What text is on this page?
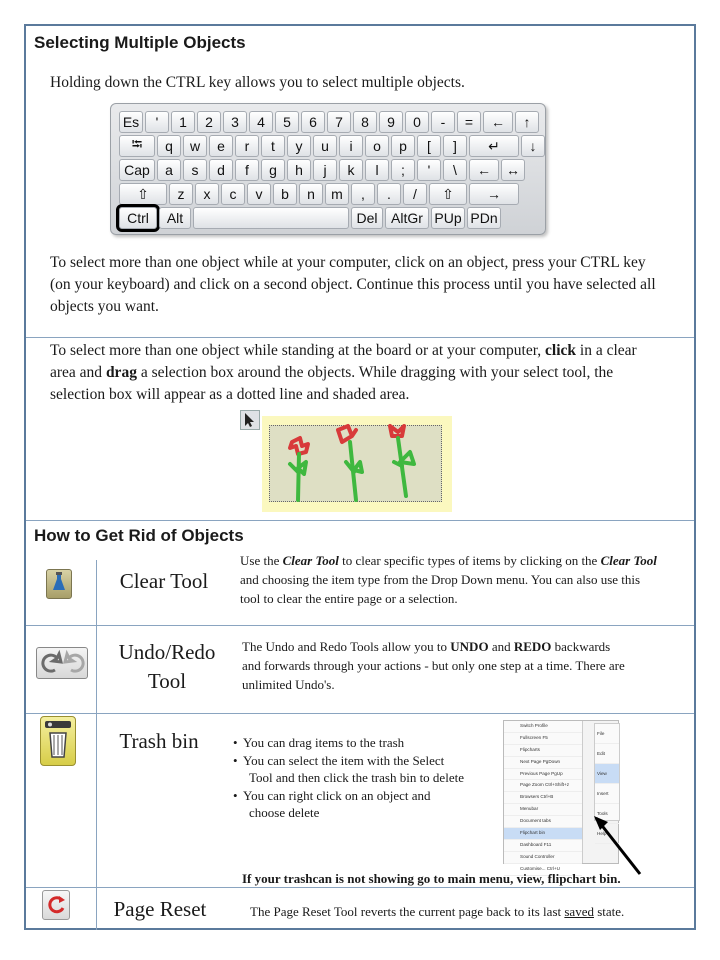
Selecting Multiple Objects
Holding down the CTRL key allows you to select multiple objects.
Es	'	1	2	3	4	5	6	7	8	9	0	-	=	←	↑
⭾	q	w	e	r	t	y	u	i	o	p	[	]	↵	↓
Cap	a	s	d	f	g	h	j	k	l	;	'	\	←	↔
⇧	z	x	c	v	b	n	m	,	.	/	⇧	→
Ctrl	Alt	Del AltGr PUp PDn
To select more than one object while at your computer, click on an object, press your CTRL key (on your keyboard) and click on a second object. Continue this process until you have selected all objects you want.
To select more than one object while standing at the board or at your computer, click in a clear area and drag a selection box around the objects. While dragging with your select tool, the selection box will appear as a dotted line and shaded area.
How to Get Rid of Objects
Clear Tool
Use the Clear Tool to clear specific types of items by clicking on the Clear Tool and choosing the item type from the Drop Down menu. You can also use this tool to clear the entire page or a selection.
Undo/Redo
Tool
The Undo and Redo Tools allow you to UNDO and REDO backwards and forwards through your actions - but only one step at a time. There are unlimited Undo's.
Trash bin
•	You can drag items to the trash
• You can select the item with the Select
Tool and then click the trash bin to delete
• You can right click on an object and
choose delete
Switch Profile
Fullscreen F5
Flipcharts
Next Page PgDown
Previous Page PgUp
Page Zoom Ctrl+Shift+z
Browsers Ctrl+B
Menubar
Document tabs
Flipchart bin
Dashboard F11
Sound Controller
Customise... Ctrl+U
File
Edit
View
Insert
Tools
Help
If your trashcan is not showing go to main menu, view, flipchart bin.
Page Reset	The Page Reset Tool reverts the current page back to its last saved state.
